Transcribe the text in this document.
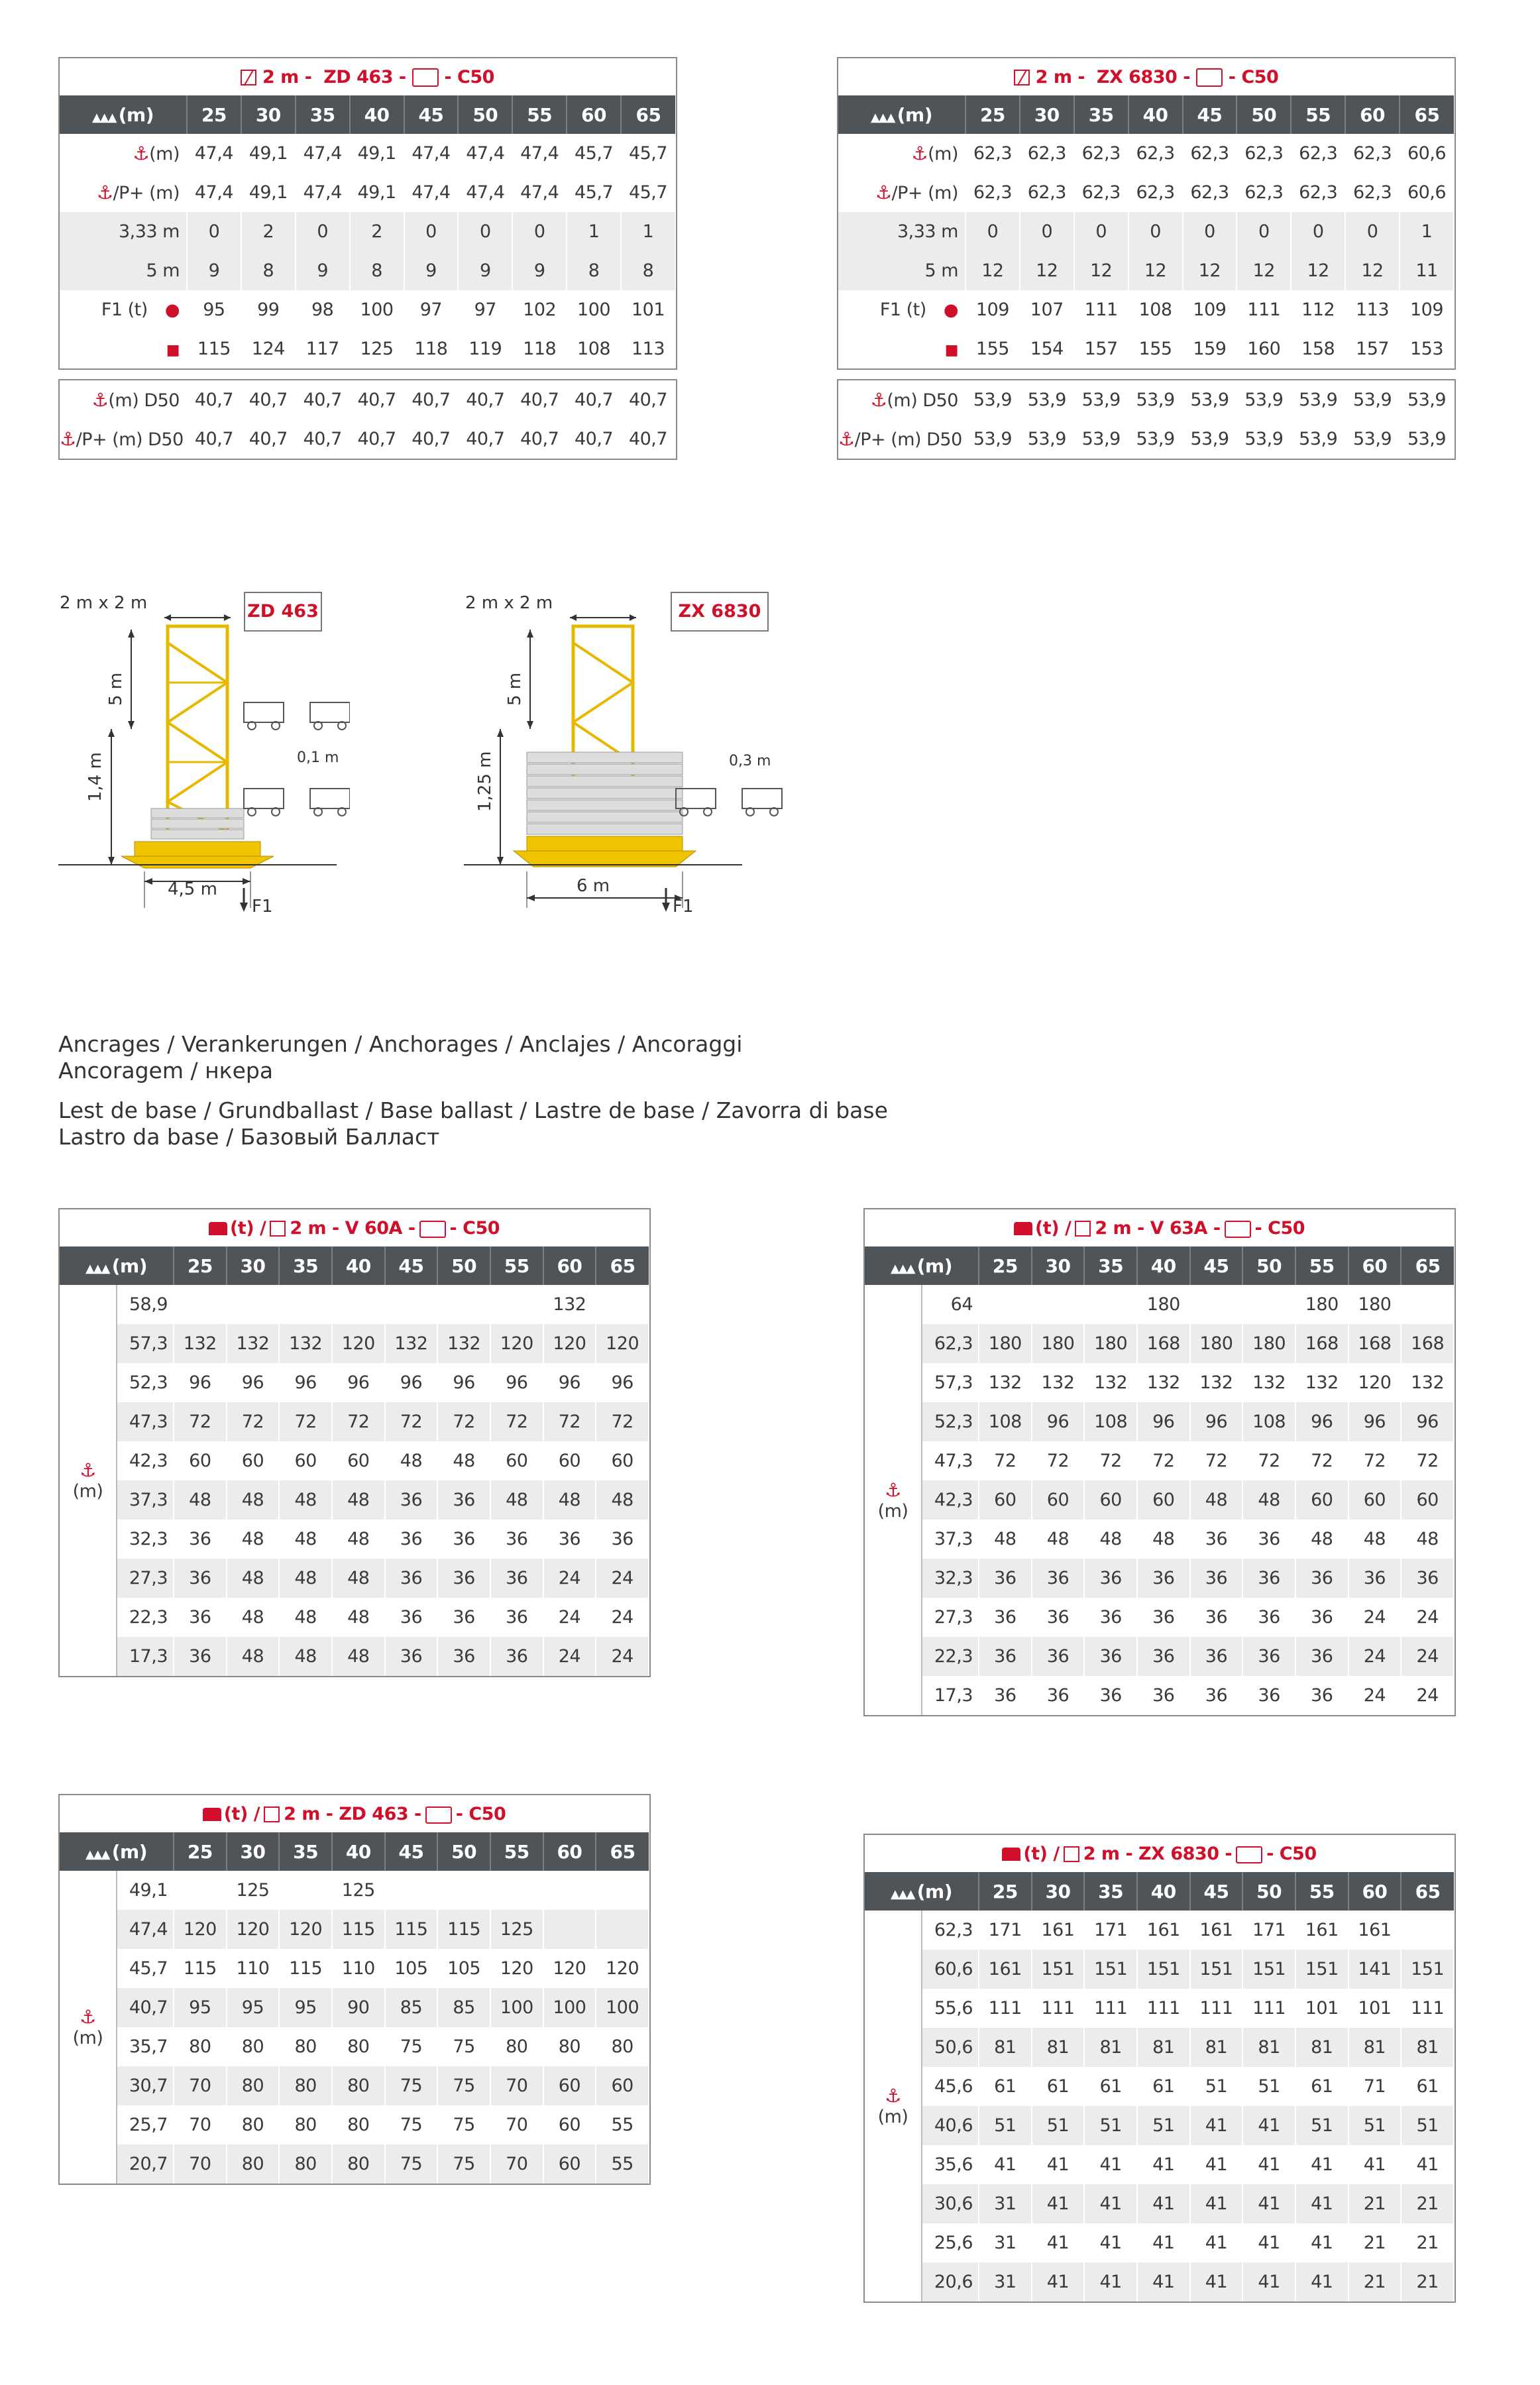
2 m - ZD 463 - - C50									
▲▲▲ (m)	25	30	35	40	45	50	55	60	65
⚓(m)	47,4	49,1	47,4	49,1	47,4	47,4	47,4	45,7	45,7
⚓/P+ (m)	47,4	49,1	47,4	49,1	47,4	47,4	47,4	45,7	45,7
3,33 m	0	2	0	2	0	0	0	1	1
5 m	9	8	9	8	9	9	9	8	8
F1 (t) ●	95	99	98	100	97	97	102	100	101
■	115	124	117	125	118	119	118	108	113
2 m - ZX 6830 - - C50									
▲▲▲ (m)	25	30	35	40	45	50	55	60	65
⚓(m)	62,3	62,3	62,3	62,3	62,3	62,3	62,3	62,3	60,6
⚓/P+ (m)	62,3	62,3	62,3	62,3	62,3	62,3	62,3	62,3	60,6
3,33 m	0	0	0	0	0	0	0	0	1
5 m	12	12	12	12	12	12	12	12	11
F1 (t) ●	109	107	111	108	109	111	112	113	109
■	155	154	157	155	159	160	158	157	153
⚓(m) D50	40,7	40,7	40,7	40,7	40,7	40,7	40,7	40,7	40,7
⚓/P+ (m) D50	40,7	40,7	40,7	40,7	40,7	40,7	40,7	40,7	40,7
⚓(m) D50	53,9	53,9	53,9	53,9	53,9	53,9	53,9	53,9	53,9
⚓/P+ (m) D50	53,9	53,9	53,9	53,9	53,9	53,9	53,9	53,9	53,9
2 m x 2 m
5 m
1,4 m
4,5 m
F1
0,1 m
ZD 463	2 m x 2 m
5 m
1,25 m
6 m
F1
0,3 m
ZX 6830
Ancrages / Verankerungen / Anchorages / Anclajes / Ancoraggi
Ancoragem / нкера
Lest de base / Grundballast / Base ballast / Lastre de base / Zavorra di base
Lastro da base / Базовый Балласт
(t) / 2 m - V 60A - - C50										
▲▲▲ (m)		25	30	35	40	45	50	55	60	65

⚓
(m)	58,9								132	
	57,3	132	132	132	120	132	132	120	120	120
	52,3	96	96	96	96	96	96	96	96	96
	47,3	72	72	72	72	72	72	72	72	72
	42,3	60	60	60	60	48	48	60	60	60
	37,3	48	48	48	48	36	36	48	48	48
	32,3	36	48	48	48	36	36	36	36	36
	27,3	36	48	48	48	36	36	36	24	24
	22,3	36	48	48	48	36	36	36	24	24
	17,3	36	48	48	48	36	36	36	24	24
(t) / 2 m - V 63A - - C50										
▲▲▲ (m)		25	30	35	40	45	50	55	60	65

⚓
(m)	64				180			180	180	
	62,3	180	180	180	168	180	180	168	168	168
	57,3	132	132	132	132	132	132	132	120	132
	52,3	108	96	108	96	96	108	96	96	96
	47,3	72	72	72	72	72	72	72	72	72
	42,3	60	60	60	60	48	48	60	60	60
	37,3	48	48	48	48	36	36	48	48	48
	32,3	36	36	36	36	36	36	36	36	36
	27,3	36	36	36	36	36	36	36	24	24
	22,3	36	36	36	36	36	36	36	24	24
	17,3	36	36	36	36	36	36	36	24	24
(t) / 2 m - ZD 463 - - C50										
▲▲▲ (m)		25	30	35	40	45	50	55	60	65

⚓
(m)	49,1		125		125					
	47,4	120	120	120	115	115	115	125		
	45,7	115	110	115	110	105	105	120	120	120
	40,7	95	95	95	90	85	85	100	100	100
	35,7	80	80	80	80	75	75	80	80	80
	30,7	70	80	80	80	75	75	70	60	60
	25,7	70	80	80	80	75	75	70	60	55
	20,7	70	80	80	80	75	75	70	60	55
(t) / 2 m - ZX 6830 - - C50										
▲▲▲ (m)		25	30	35	40	45	50	55	60	65

⚓
(m)	62,3	171	161	171	161	161	171	161	161	
	60,6	161	151	151	151	151	151	151	141	151
	55,6	111	111	111	111	111	111	101	101	111
	50,6	81	81	81	81	81	81	81	81	81
	45,6	61	61	61	61	51	51	61	71	61
	40,6	51	51	51	51	41	41	51	51	51
	35,6	41	41	41	41	41	41	41	41	41
	30,6	31	41	41	41	41	41	41	21	21
	25,6	31	41	41	41	41	41	41	21	21
	20,6	31	41	41	41	41	41	41	21	21
